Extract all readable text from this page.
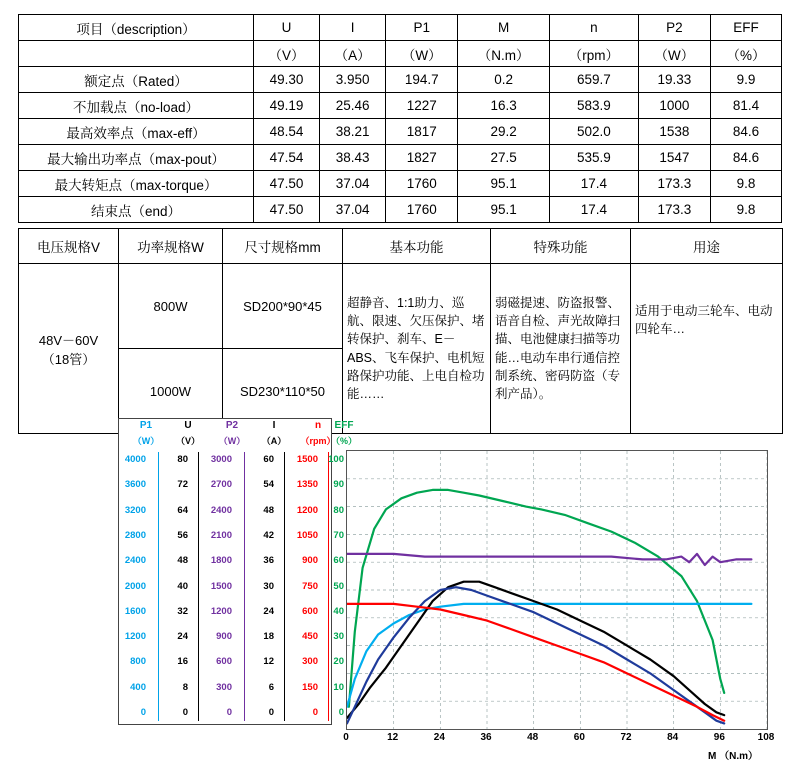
项目（description）	U	I	P1	M	n	P2	EFF
	（V）	（A）	（W）	（N.m）	（rpm）	（W）	（%）
额定点（Rated）	49.30	3.950	194.7	0.2	659.7	19.33	9.9
不加载点（no-load）	49.19	25.46	1227	16.3	583.9	1000	81.4
最高效率点（max-eff）	48.54	38.21	1817	29.2	502.0	1538	84.6
最大输出功率点（max-pout）	47.54	38.43	1827	27.5	535.9	1547	84.6
最大转矩点（max-torque）	47.50	37.04	1760	95.1	17.4	173.3	9.8
结束点（end）	47.50	37.04	1760	95.1	17.4	173.3	9.8
电压规格V	功率规格W	尺寸规格mm	基本功能	特殊功能	用途

48V－60V
（18管）	800W	SD200*90*45	超静音、1:1助力、巡航、限速、欠压保护、堵转保护、刹车、E－ABS、飞车保护、电机短路保护功能、上电自检功能……	弱磁提速、防盗报警、语音自检、声光故障扫描、电池健康扫描等功能…电动车串行通信控制系统、密码防盗（专利产品）。	适用于电动三轮车、电动四轮车…
	1000W	SD230*110*50			
P1
（W）
0
400
800
1200
1600
2000
2400
2800
3200
3600
4000
U
（V）
0
8
16
24
32
40
48
56
64
72
80
P2
（W）
0
300
600
900
1200
1500
1800
2100
2400
2700
3000
I
（A）
0
6
12
18
24
30
36
42
48
54
60
n
（rpm）
0
150
300
450
600
750
900
1050
1200
1350
1500
EFF
（%）
0
10
20
30
40
50
60
70
80
90
100
0	12	24	36	48	60	72	84	96	108
M （N.m）
